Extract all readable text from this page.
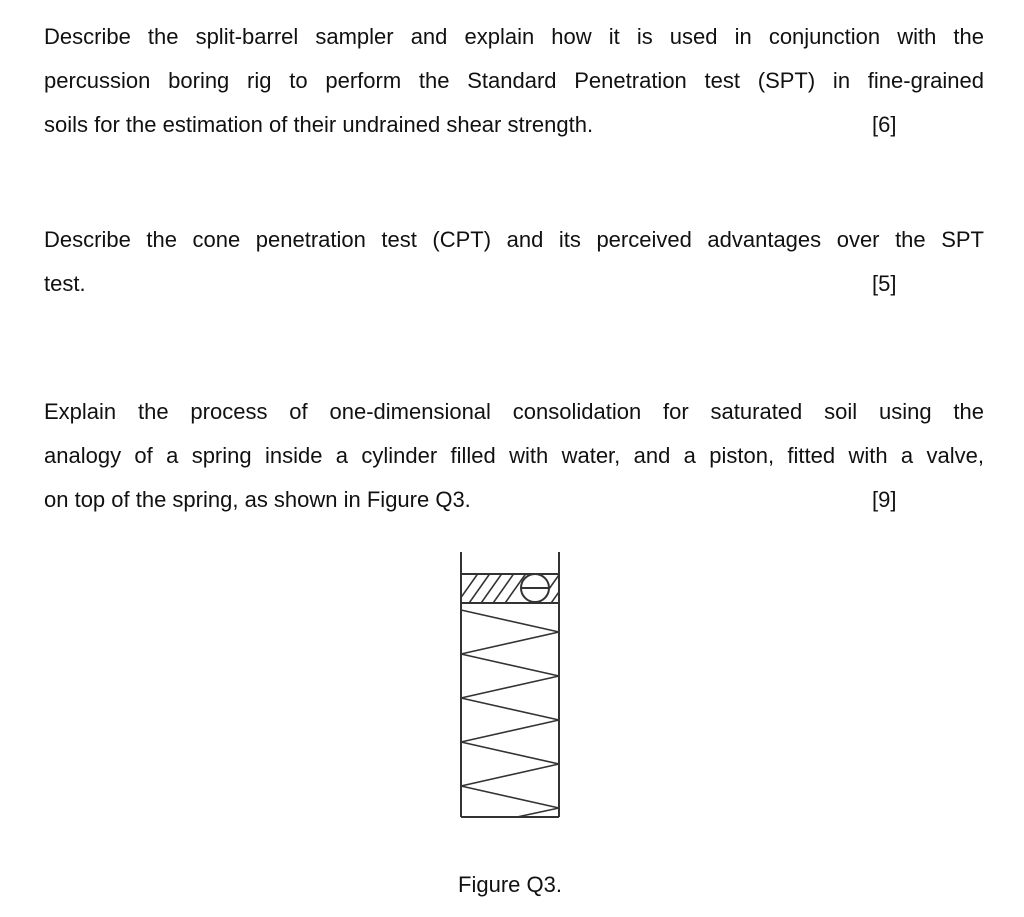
Describe the split-barrel sampler and explain how it is used in conjunction with the
percussion boring rig to perform the Standard Penetration test (SPT) in fine-grained
soils for the estimation of their undrained shear strength.	[6]
Describe the cone penetration test (CPT) and its perceived advantages over the SPT
test.	[5]
Explain the process of one-dimensional consolidation for saturated soil using the
analogy of a spring inside a cylinder filled with water, and a piston, fitted with a valve,
on top of the spring, as shown in Figure Q3.	[9]
Figure Q3.
